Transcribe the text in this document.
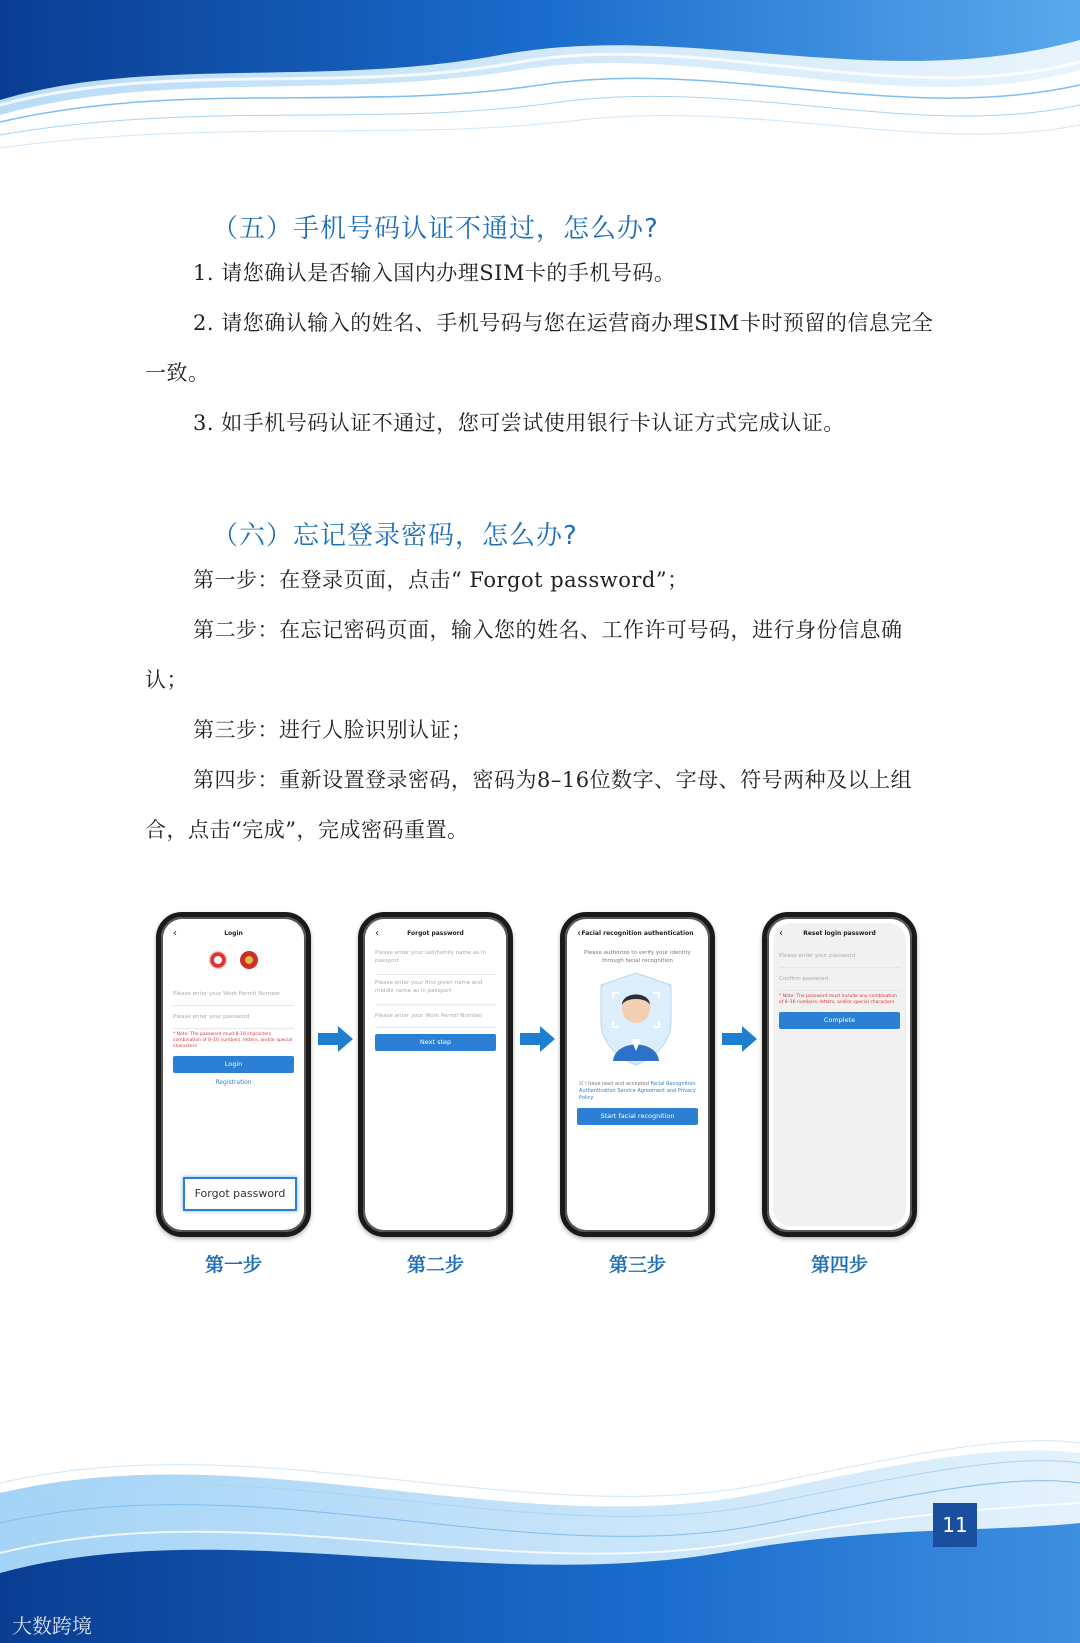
（五）手机号码认证不通过，怎么办?

1. 请您确认是否输入国内办理SIM卡的手机号码。

2. 请您确认输入的姓名、手机号码与您在运营商办理SIM卡时预留的信息完全一致。

3. 如手机号码认证不通过，您可尝试使用银行卡认证方式完成认证。

（六）忘记登录密码，怎么办?

第一步：在登录页面，点击“ Forgot password”；

第二步：在忘记密码页面，输入您的姓名、工作许可号码，进行身份信息确认；

第三步：进行人脸识别认证；

第四步：重新设置登录密码，密码为8–16位数字、字母、符号两种及以上组合，点击“完成”，完成密码重置。

‹	Login

Please enter your Work Permit Number
Please enter your password
* Note: The password must 8-16 characters combination of 8–16 numbers, letters, and/or special characters
Login
Registration
Forgot password
‹	Forgot password
Please enter your last/family name as in passport
Please enter your first given name and middle name as in passport
Please enter your Work Permit Number
Next step
‹ Facial recognition authentication
Please authorize to verify your identity through facial recognition
☑ I have read and accepted Facial Recognition Authentication Service Agreement and Privacy Policy
Start facial recognition authentication
‹	Reset login password
Please enter your password
Confirm password
* Note: The password must include any combination of 8–16 numbers, letters, and/or special characters
Complete
第一步	第二步	第三步	第四步
11
大数跨境
